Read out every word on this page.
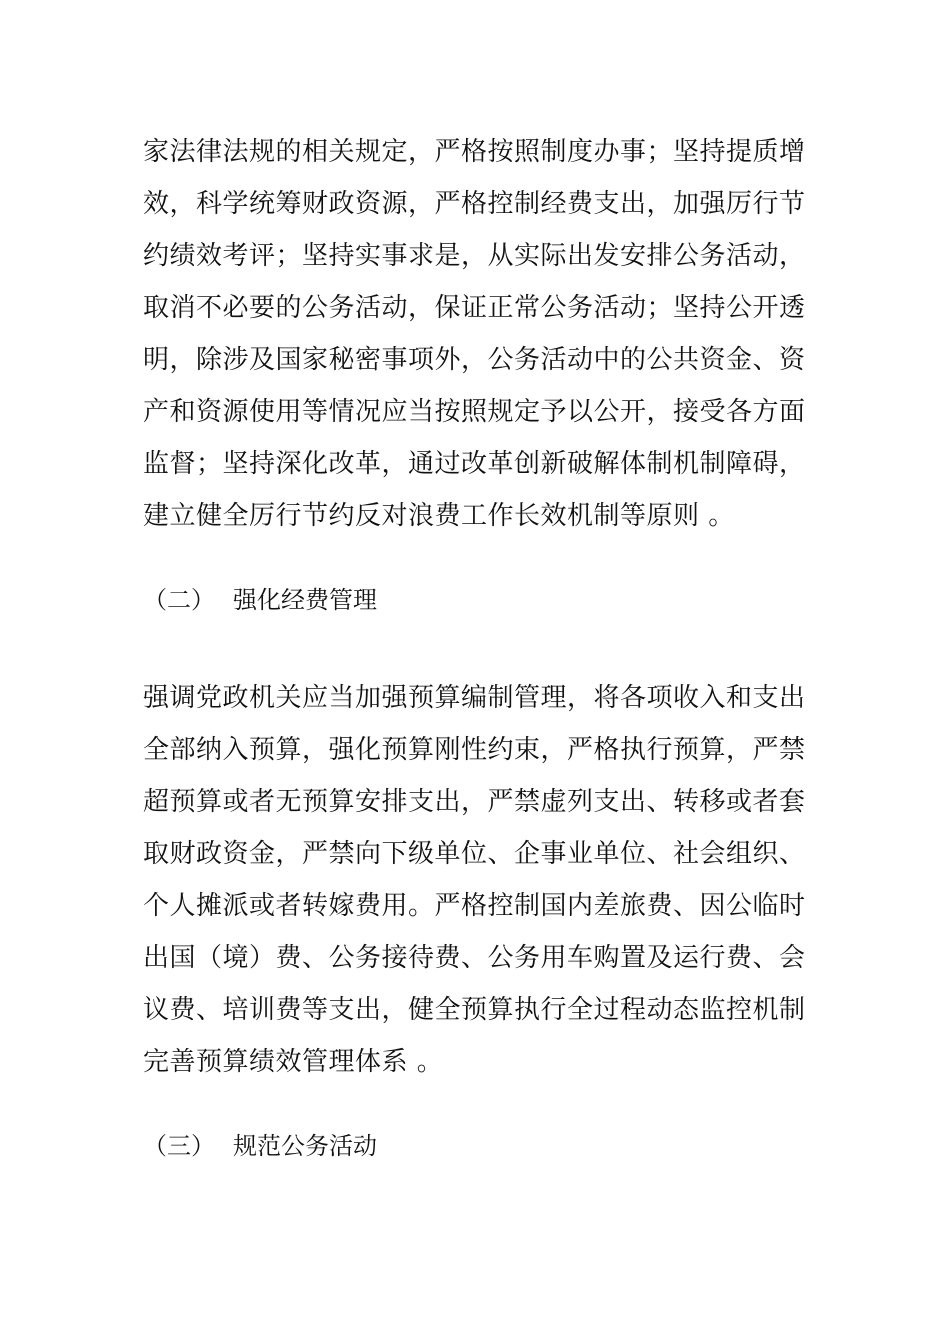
家法律法规的相关规定，严格按照制度办事；坚持提质增
效，科学统筹财政资源，严格控制经费支出，加强厉行节
约绩效考评；坚持实事求是，从实际出发安排公务活动，
取消不必要的公务活动，保证正常公务活动；坚持公开透
明，除涉及国家秘密事项外，公务活动中的公共资金、资
产和资源使用等情况应当按照规定予以公开，接受各方面
监督；坚持深化改革，通过改革创新破解体制机制障碍，
建立健全厉行节约反对浪费工作长效机制等原则 。
（二） 强化经费管理
强调党政机关应当加强预算编制管理，将各项收入和支出
全部纳入预算，强化预算刚性约束，严格执行预算，严禁
超预算或者无预算安排支出，严禁虚列支出、转移或者套
取财政资金，严禁向下级单位、企事业单位、社会组织、
个人摊派或者转嫁费用。严格控制国内差旅费、因公临时
出国（境）费、公务接待费、公务用车购置及运行费、会
议费、培训费等支出，健全预算执行全过程动态监控机制
完善预算绩效管理体系 。
（三） 规范公务活动
